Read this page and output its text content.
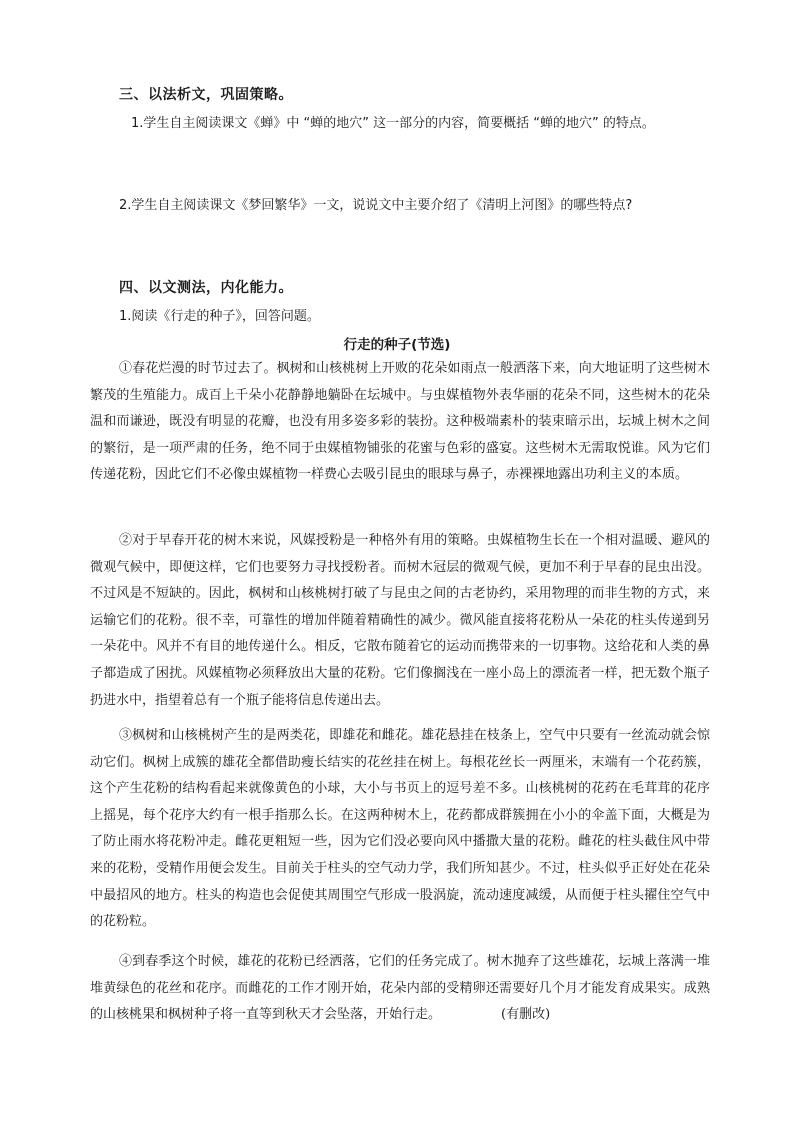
三、以法析文，巩固策略。
1.学生自主阅读课文《蝉》中 “蝉的地穴” 这一部分的内容，简要概括 “蝉的地穴” 的特点。
2.学生自主阅读课文《梦回繁华》一文，说说文中主要介绍了《清明上河图》的哪些特点?
四、以文测法，内化能力。
1.阅读《行走的种子》，回答问题。
行走的种子(节选)

①春花烂漫的时节过去了。枫树和山核桃树上开败的花朵如雨点一般洒落下来，向大地证明了这些树木繁茂的生殖能力。成百上千朵小花静静地躺卧在坛城中。与虫媒植物外表华丽的花朵不同，这些树木的花朵温和而谦逊，既没有明显的花瓣，也没有用多姿多彩的装扮。这种极端素朴的装束暗示出，坛城上树木之间的繁衍，是一项严肃的任务，绝不同于虫媒植物铺张的花蜜与色彩的盛宴。这些树木无需取悦谁。风为它们传递花粉，因此它们不必像虫媒植物一样费心去吸引昆虫的眼球与鼻子，赤裸裸地露出功利主义的本质。

②对于早春开花的树木来说，风媒授粉是一种格外有用的策略。虫媒植物生长在一个相对温暖、避风的微观气候中，即便这样，它们也要努力寻找授粉者。而树木冠层的微观气候，更加不利于早春的昆虫出没。不过风是不短缺的。因此，枫树和山核桃树打破了与昆虫之间的古老协约，采用物理的而非生物的方式，来运输它们的花粉。很不幸，可靠性的增加伴随着精确性的减少。微风能直接将花粉从一朵花的柱头传递到另一朵花中。风并不有目的地传递什么。相反，它散布随着它的运动而携带来的一切事物。这给花和人类的鼻子都造成了困扰。风媒植物必须释放出大量的花粉。它们像搁浅在一座小岛上的漂流者一样，把无数个瓶子扔进水中，指望着总有一个瓶子能将信息传递出去。

③枫树和山核桃树产生的是两类花，即雄花和雌花。雄花悬挂在枝条上，空气中只要有一丝流动就会惊动它们。枫树上成簇的雄花全都借助瘦长结实的花丝挂在树上。每根花丝长一两厘米，末端有一个花药簇，这个产生花粉的结构看起来就像黄色的小球，大小与书页上的逗号差不多。山核桃树的花药在毛茸茸的花序上摇晃，每个花序大约有一根手指那么长。在这两种树木上，花药都成群簇拥在小小的伞盖下面，大概是为了防止雨水将花粉冲走。雌花更粗短一些，因为它们没必要向风中播撒大量的花粉。雌花的柱头截住风中带来的花粉，受精作用便会发生。目前关于柱头的空气动力学，我们所知甚少。不过，柱头似乎正好处在花朵中最招风的地方。柱头的构造也会促使其周围空气形成一股涡旋，流动速度减缓，从而便于柱头擢住空气中的花粉粒。

④到春季这个时候，雄花的花粉已经洒落，它们的任务完成了。树木抛弃了这些雄花，坛城上落满一堆堆黄绿色的花丝和花序。而雌花的工作才刚开始，花朵内部的受精卵还需要好几个月才能发育成果实。成熟的山核桃果和枫树种子将一直等到秋天才会坠落，开始行走。	(有删改)
